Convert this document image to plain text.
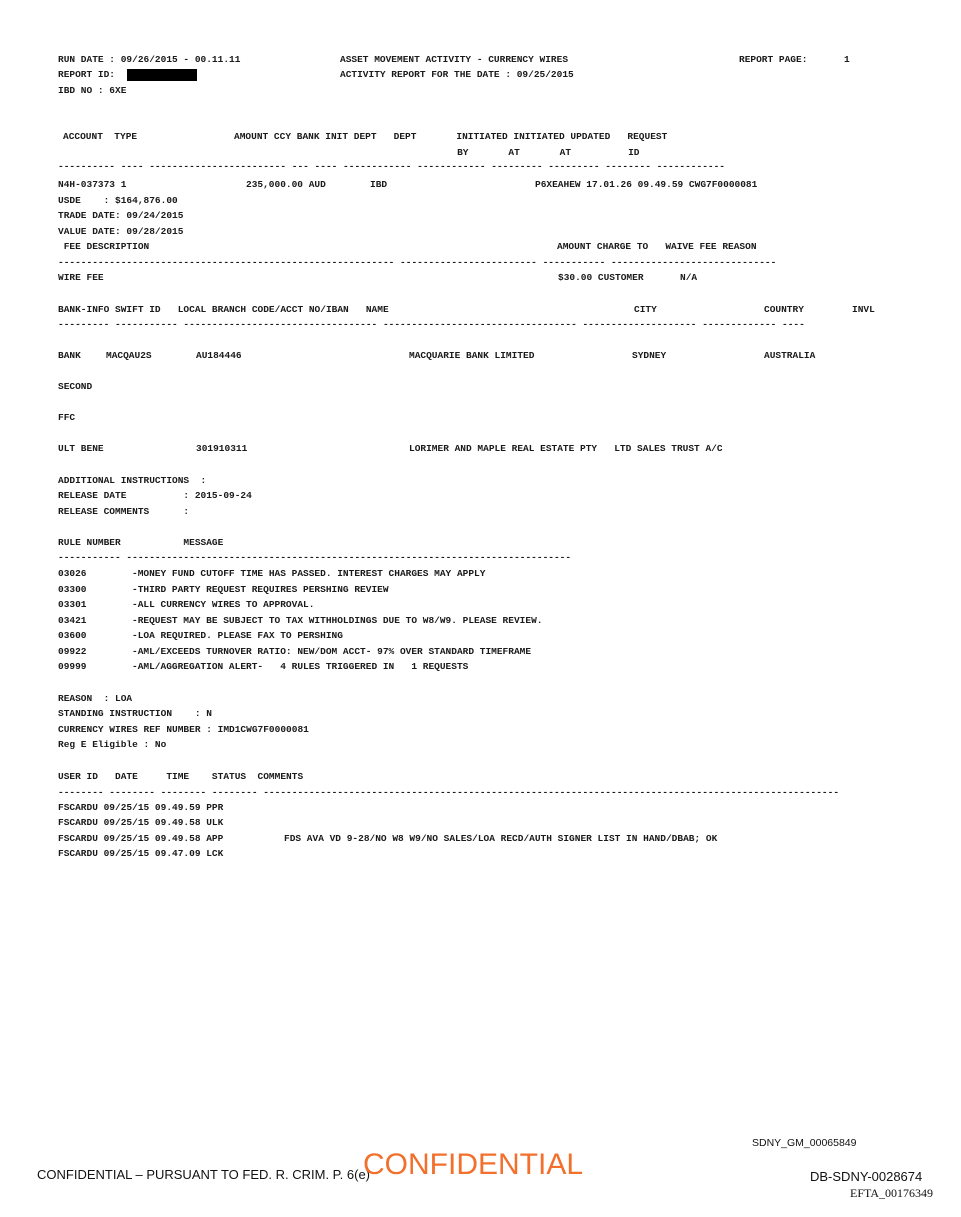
RUN DATE : 09/26/2015 - 00.11.11	ASSET MOVEMENT ACTIVITY - CURRENCY WIRES	REPORT PAGE:	1
REPORT ID:	ACTIVITY REPORT FOR THE DATE : 09/25/2015
IBD NO : 6XE
ACCOUNT  TYPE                 AMOUNT CCY BANK INIT DEPT   DEPT       INITIATED INITIATED UPDATED   REQUEST
BY       AT       AT          ID
---------- ---- ------------------------ --- ---- ------------ ------------ --------- --------- -------- ------------
N4H-037373 1	235,000.00 AUD	IBD	P6XEAHEW 17.01.26 09.49.59 CWG7F0000081
USDE    : $164,876.00
TRADE DATE: 09/24/2015
VALUE DATE: 09/28/2015
FEE DESCRIPTION	AMOUNT CHARGE TO   WAIVE FEE REASON
----------------------------------------------------------- ------------------------ ----------- -----------------------------
WIRE FEE	$30.00 CUSTOMER	N/A
BANK-INFO SWIFT ID   LOCAL BRANCH CODE/ACCT NO/IBAN   NAME	CITY	COUNTRY	INVL
--------- ----------- ---------------------------------- ---------------------------------- -------------------- ------------- ----
BANK	MACQAU2S	AU184446	MACQUARIE BANK LIMITED	SYDNEY	AUSTRALIA
SECOND
FFC
ULT BENE	301910311	LORIMER AND MAPLE REAL ESTATE PTY   LTD SALES TRUST A/C
ADDITIONAL INSTRUCTIONS  :
RELEASE DATE          : 2015-09-24
RELEASE COMMENTS      :
RULE NUMBER           MESSAGE
----------- ------------------------------------------------------------------------------
03026	-MONEY FUND CUTOFF TIME HAS PASSED. INTEREST CHARGES MAY APPLY
03300	-THIRD PARTY REQUEST REQUIRES PERSHING REVIEW
03301	-ALL CURRENCY WIRES TO APPROVAL.
03421	-REQUEST MAY BE SUBJECT TO TAX WITHHOLDINGS DUE TO W8/W9. PLEASE REVIEW.
03600	-LOA REQUIRED. PLEASE FAX TO PERSHING
09922	-AML/EXCEEDS TURNOVER RATIO: NEW/DOM ACCT- 97% OVER STANDARD TIMEFRAME
09999	-AML/AGGREGATION ALERT-   4 RULES TRIGGERED IN   1 REQUESTS
REASON  : LOA
STANDING INSTRUCTION    : N
CURRENCY WIRES REF NUMBER : IMD1CWG7F0000081
Reg E Eligible : No
USER ID   DATE     TIME    STATUS  COMMENTS
-------- -------- -------- -------- -----------------------------------------------------------------------------------------------------
FSCARDU 09/25/15 09.49.59 PPR
FSCARDU 09/25/15 09.49.58 ULK
FSCARDU 09/25/15 09.49.58 APP	FDS AVA VD 9-28/NO W8 W9/NO SALES/LOA RECD/AUTH SIGNER LIST IN HAND/DBAB; OK
FSCARDU 09/25/15 09.47.09 LCK
SDNY_GM_00065849
CONFIDENTIAL – PURSUANT TO FED. R. CRIM. P. 6(e)
CONFIDENTIAL	DB-SDNY-0028674
EFTA_00176349
